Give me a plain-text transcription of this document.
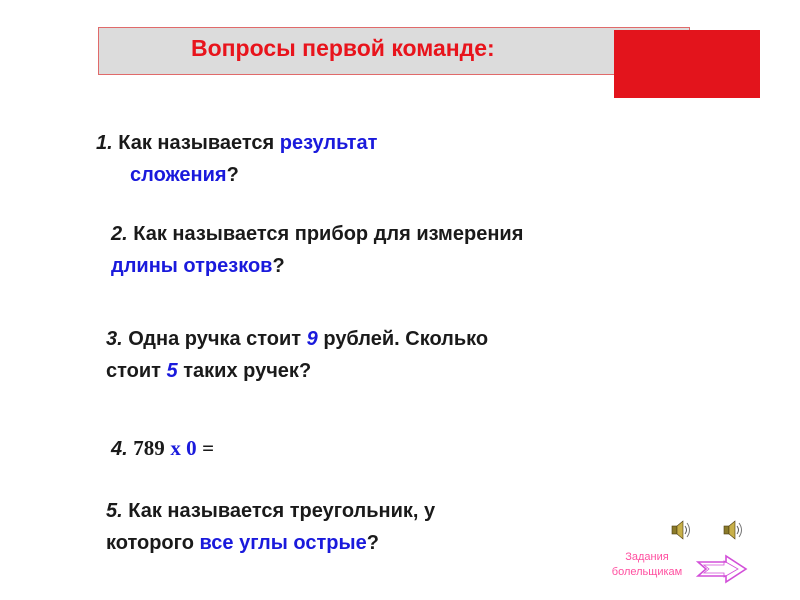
Вопросы первой команде:
1. Как называется результат
сложения?
2. Как называется прибор для измерения
длины отрезков?
3. Одна ручка стоит 9 рублей. Сколько
стоит 5 таких ручек?
4. 789 x 0 =
5. Как называется треугольник, у
которого все углы острые?
Задания
болельщикам
